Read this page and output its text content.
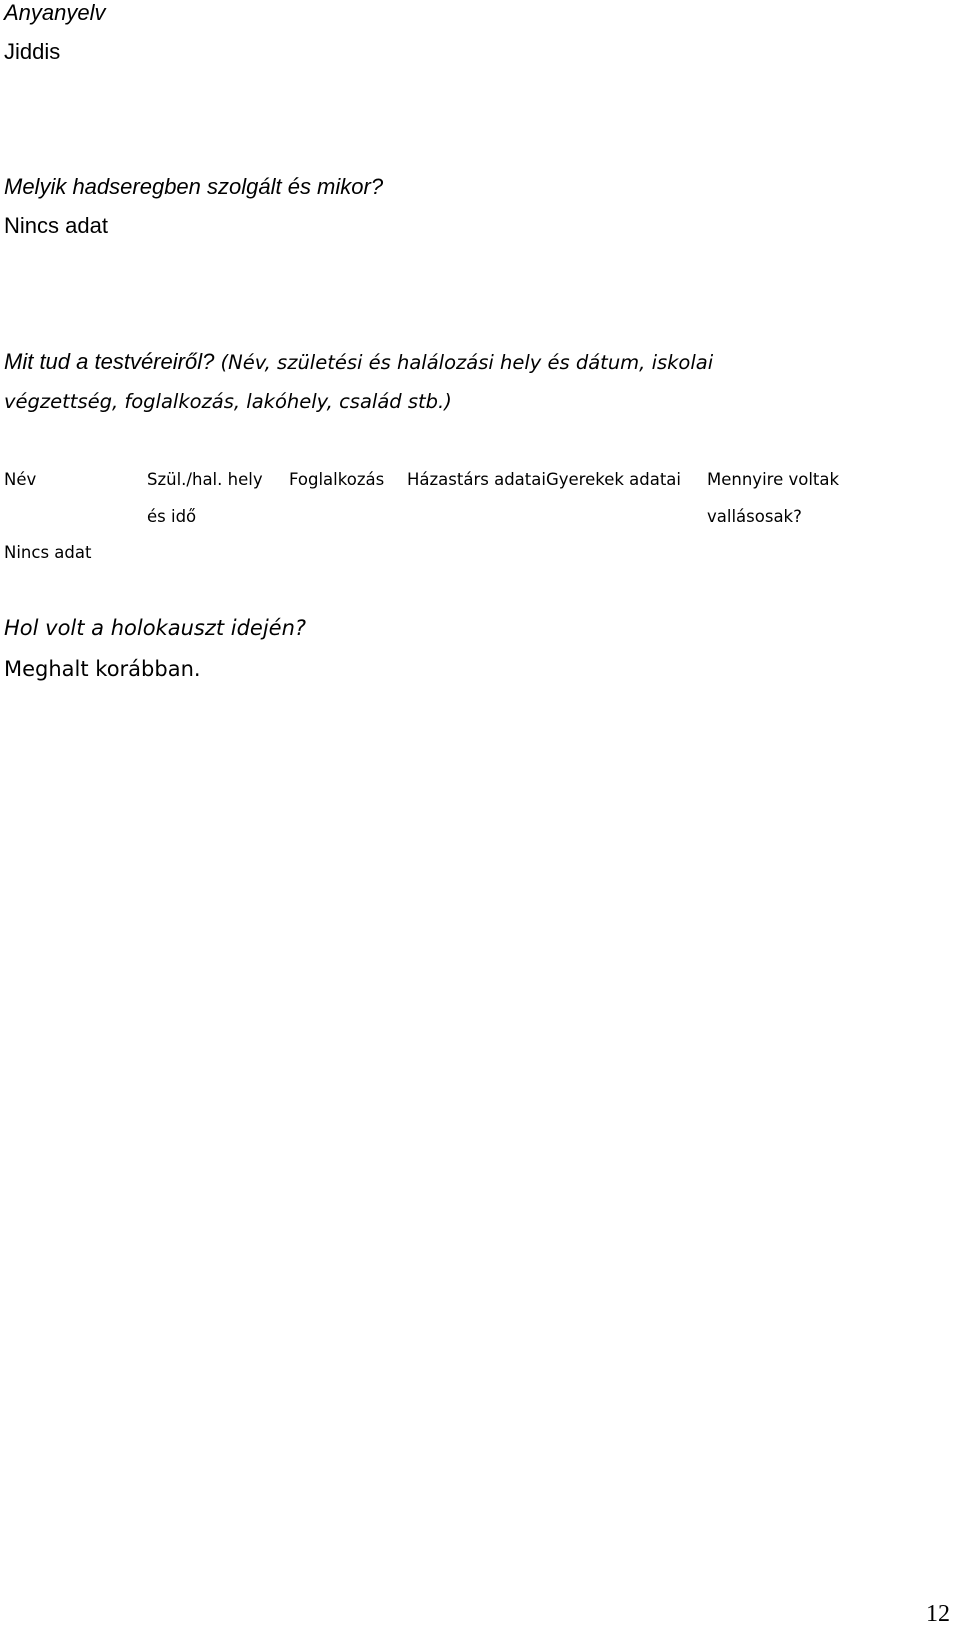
Anyanyelv

Jiddis

Melyik hadseregben szolgált és mikor?

Nincs adat

Mit tud a testvéreiről? (Név, születési és halálozási hely és dátum, iskolai

végzettség, foglalkozás, lakóhely, család stb.)

Név	Szül./hal. hely
és idő
Foglalkozás Házastárs adataiGyerekek adatai Mennyire voltak
vallásosak?
Nincs adat

Hol volt a holokauszt idején?

Meghalt korábban.

12
